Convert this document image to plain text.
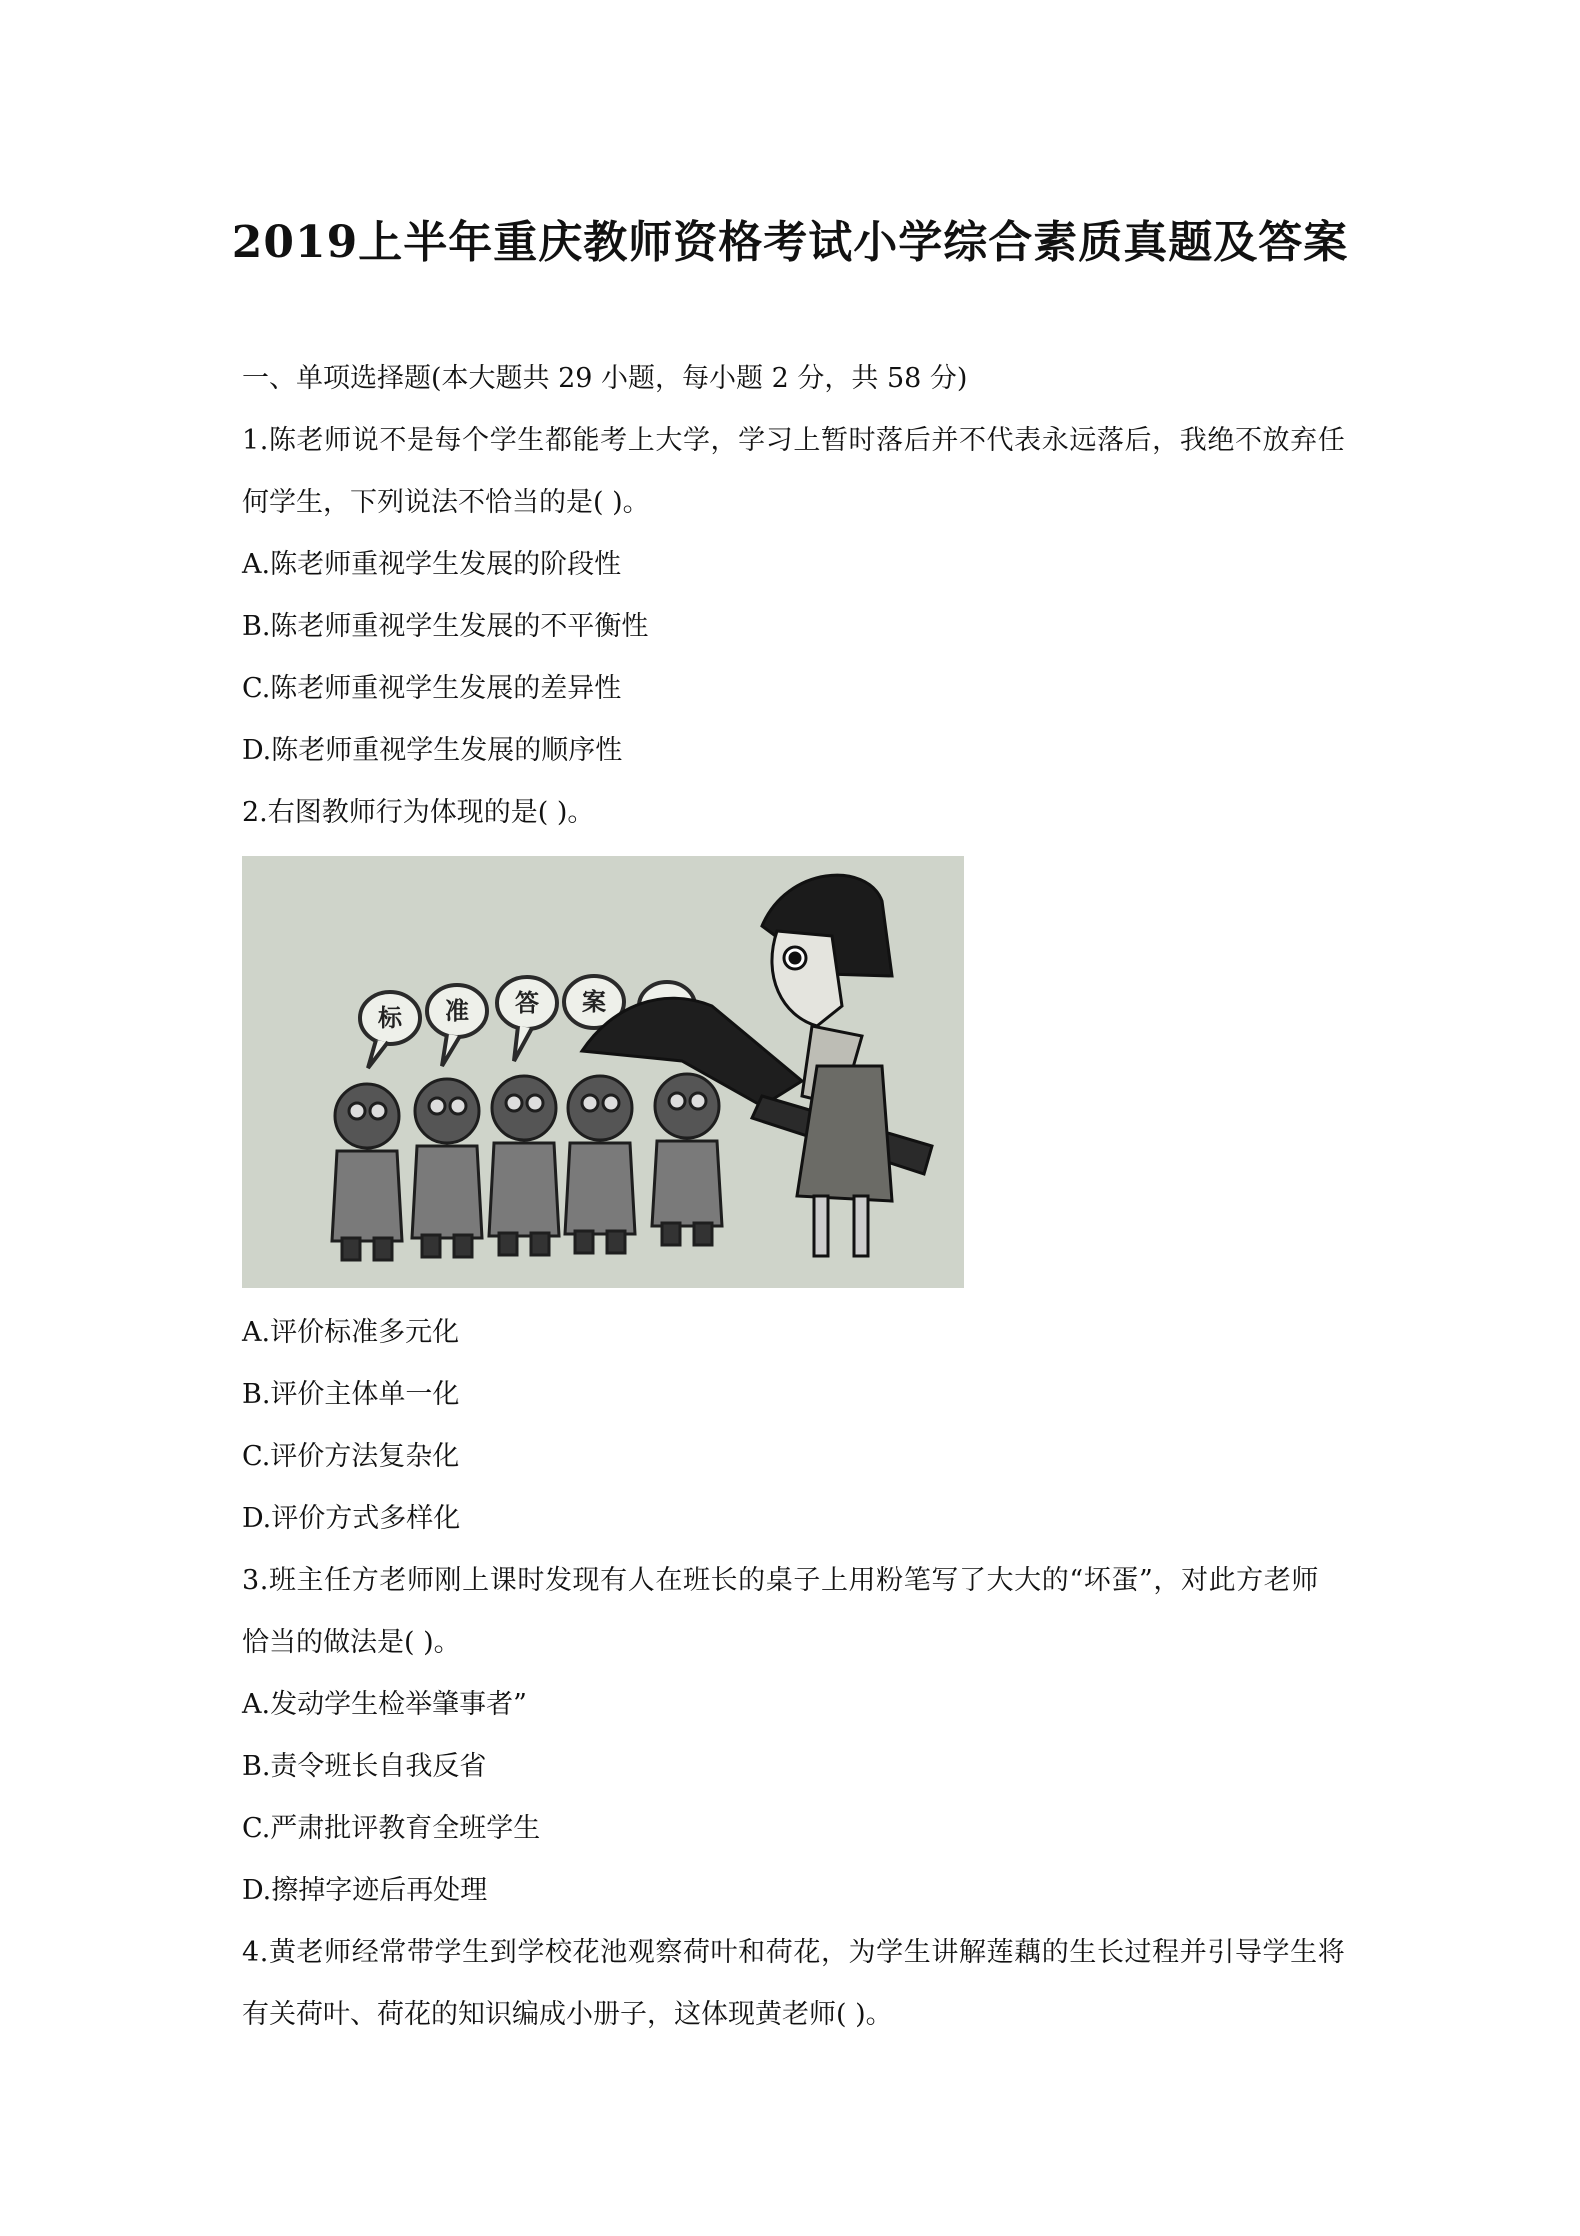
2019上半年重庆教师资格考试小学综合素质真题及答案
一、单项选择题(本大题共 29 小题，每小题 2 分，共 58 分)
1.陈老师说不是每个学生都能考上大学，学习上暂时落后并不代表永远落后，我绝不放弃任
何学生，下列说法不恰当的是( )。
A.陈老师重视学生发展的阶段性
B.陈老师重视学生发展的不平衡性
C.陈老师重视学生发展的差异性
D.陈老师重视学生发展的顺序性
2.右图教师行为体现的是( )。
标 准 答 案
A.评价标准多元化
B.评价主体单一化
C.评价方法复杂化
D.评价方式多样化
3.班主任方老师刚上课时发现有人在班长的桌子上用粉笔写了大大的“坏蛋”，对此方老师
恰当的做法是( )。
A.发动学生检举肇事者”
B.责令班长自我反省
C.严肃批评教育全班学生
D.擦掉字迹后再处理
4.黄老师经常带学生到学校花池观察荷叶和荷花，为学生讲解莲藕的生长过程并引导学生将
有关荷叶、荷花的知识编成小册子，这体现黄老师( )。
